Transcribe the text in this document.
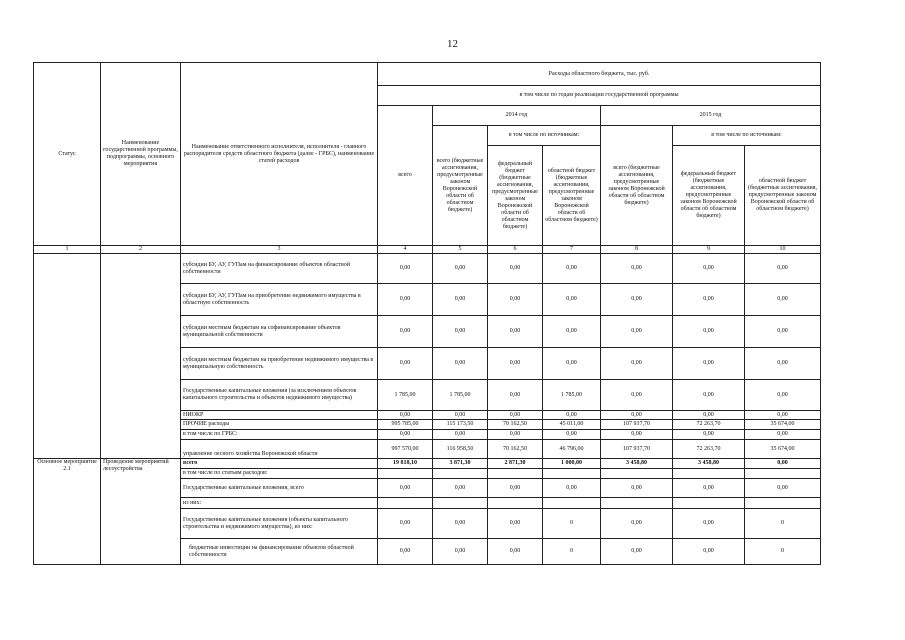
12
Статус	Наименование государственной программы, подпрограммы, основного мероприятия	Наименование ответственного исполнителя, исполнителя - главного распорядителя средств областного бюджета (далее - ГРБС), наименование статей расходов	Расходы областного бюджета, тыс. руб.						
			в том числе по годам реализации государственной программы						
			всего	2014 год			2015 год		
				всего (бюджетные ассигнования, предусмотренные законом Воронежской области об областном бюджете)	в том числе по источникам:		всего (бюджетные ассигнования, предусмотренные законом Воронежской области об областном бюджете)	в том числе по источникам:	
					федеральный бюджет (бюджетные ассигнования, предусмотренные законом Воронежской области об областном бюджете)	областной бюджет (бюджетные ассигнования, предусмотренные законом Воронежской области об областном бюджете)		федеральный бюджет (бюджетные ассигнования, предусмотренные законом Воронежской области об областном бюджете)	областной бюджет (бюджетные ассигнования, предусмотренные законом Воронежской области об областном бюджете)
1	2	3	4	5	6	7	8	9	10
		субсидии БУ, АУ, ГУПам на финансирование объектов областной собственности	0,00	0,00	0,00	0,00	0,00	0,00	0,00
		субсидии БУ, АУ, ГУПам на приобретение недвижимого имущества в областную собственность	0,00	0,00	0,00	0,00	0,00	0,00	0,00
		субсидии местным бюджетам на софинансирование объектов муниципальной собственности	0,00	0,00	0,00	0,00	0,00	0,00	0,00
		субсидии местным бюджетам на приобретение недвижимого имущества в муниципальную собственность	0,00	0,00	0,00	0,00	0,00	0,00	0,00
		Государственные капитальные вложения (за исключением объектов капитального строительства и объектов недвижимого имущества)	1 785,00	1 785,00	0,00	1 785,00	0,00	0,00	0,00
		НИОКР	0,00	0,00	0,00	0,00	0,00	0,00	0,00
		ПРОЧИЕ расходы	995 785,00	115 173,50	70 162,50	45 011,00	107 937,70	72 263,70	35 674,00
		в том числе по ГРБС:	0,00	0,00	0,00	0,00	0,00	0,00	0,00
		управление лесного хозяйства Воронежской области	997 570,00	116 958,50	70 162,50	46 796,00	107 937,70	72 263,70	35 674,00
Основное мероприятие 2.1	Проведение мероприятий лесоустройства	всего	19 818,10	3 871,30	2 871,30	1 000,00	3 458,80	3 458,80	0,00
		в том числе по статьям расходов:							
		Государственные капитальные вложения, всего	0,00	0,00	0,00	0,00	0,00	0,00	0,00
		из них:							
		Государственные капитальные вложения (объекты капитального строительства и недвижимого имущества), из них:	0,00	0,00	0,00	0	0,00	0,00	0
		бюджетные инвестиции на финансирование объектов областной собственности	0,00	0,00	0,00	0	0,00	0,00	0
